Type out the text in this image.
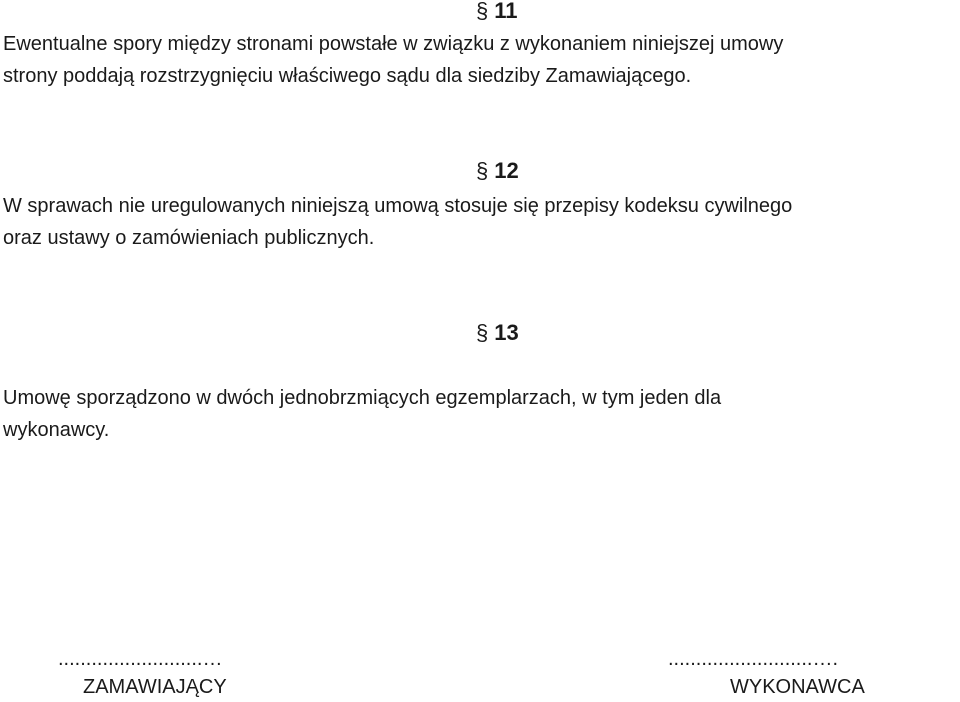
§ 11

Ewentualne spory między stronami powstałe w związku z wykonaniem niniejszej umowy
strony poddają rozstrzygnięciu właściwego sądu dla siedziby Zamawiającego.

§ 12

W sprawach nie uregulowanych niniejszą umową stosuje się przepisy kodeksu cywilnego
oraz ustawy o zamówieniach publicznych.

§ 13

Umowę sporządzono w dwóch jednobrzmiących egzemplarzach, w tym jeden dla
wykonawcy.

..........................…
ZAMAWIAJĄCY
..........................….
WYKONAWCA
